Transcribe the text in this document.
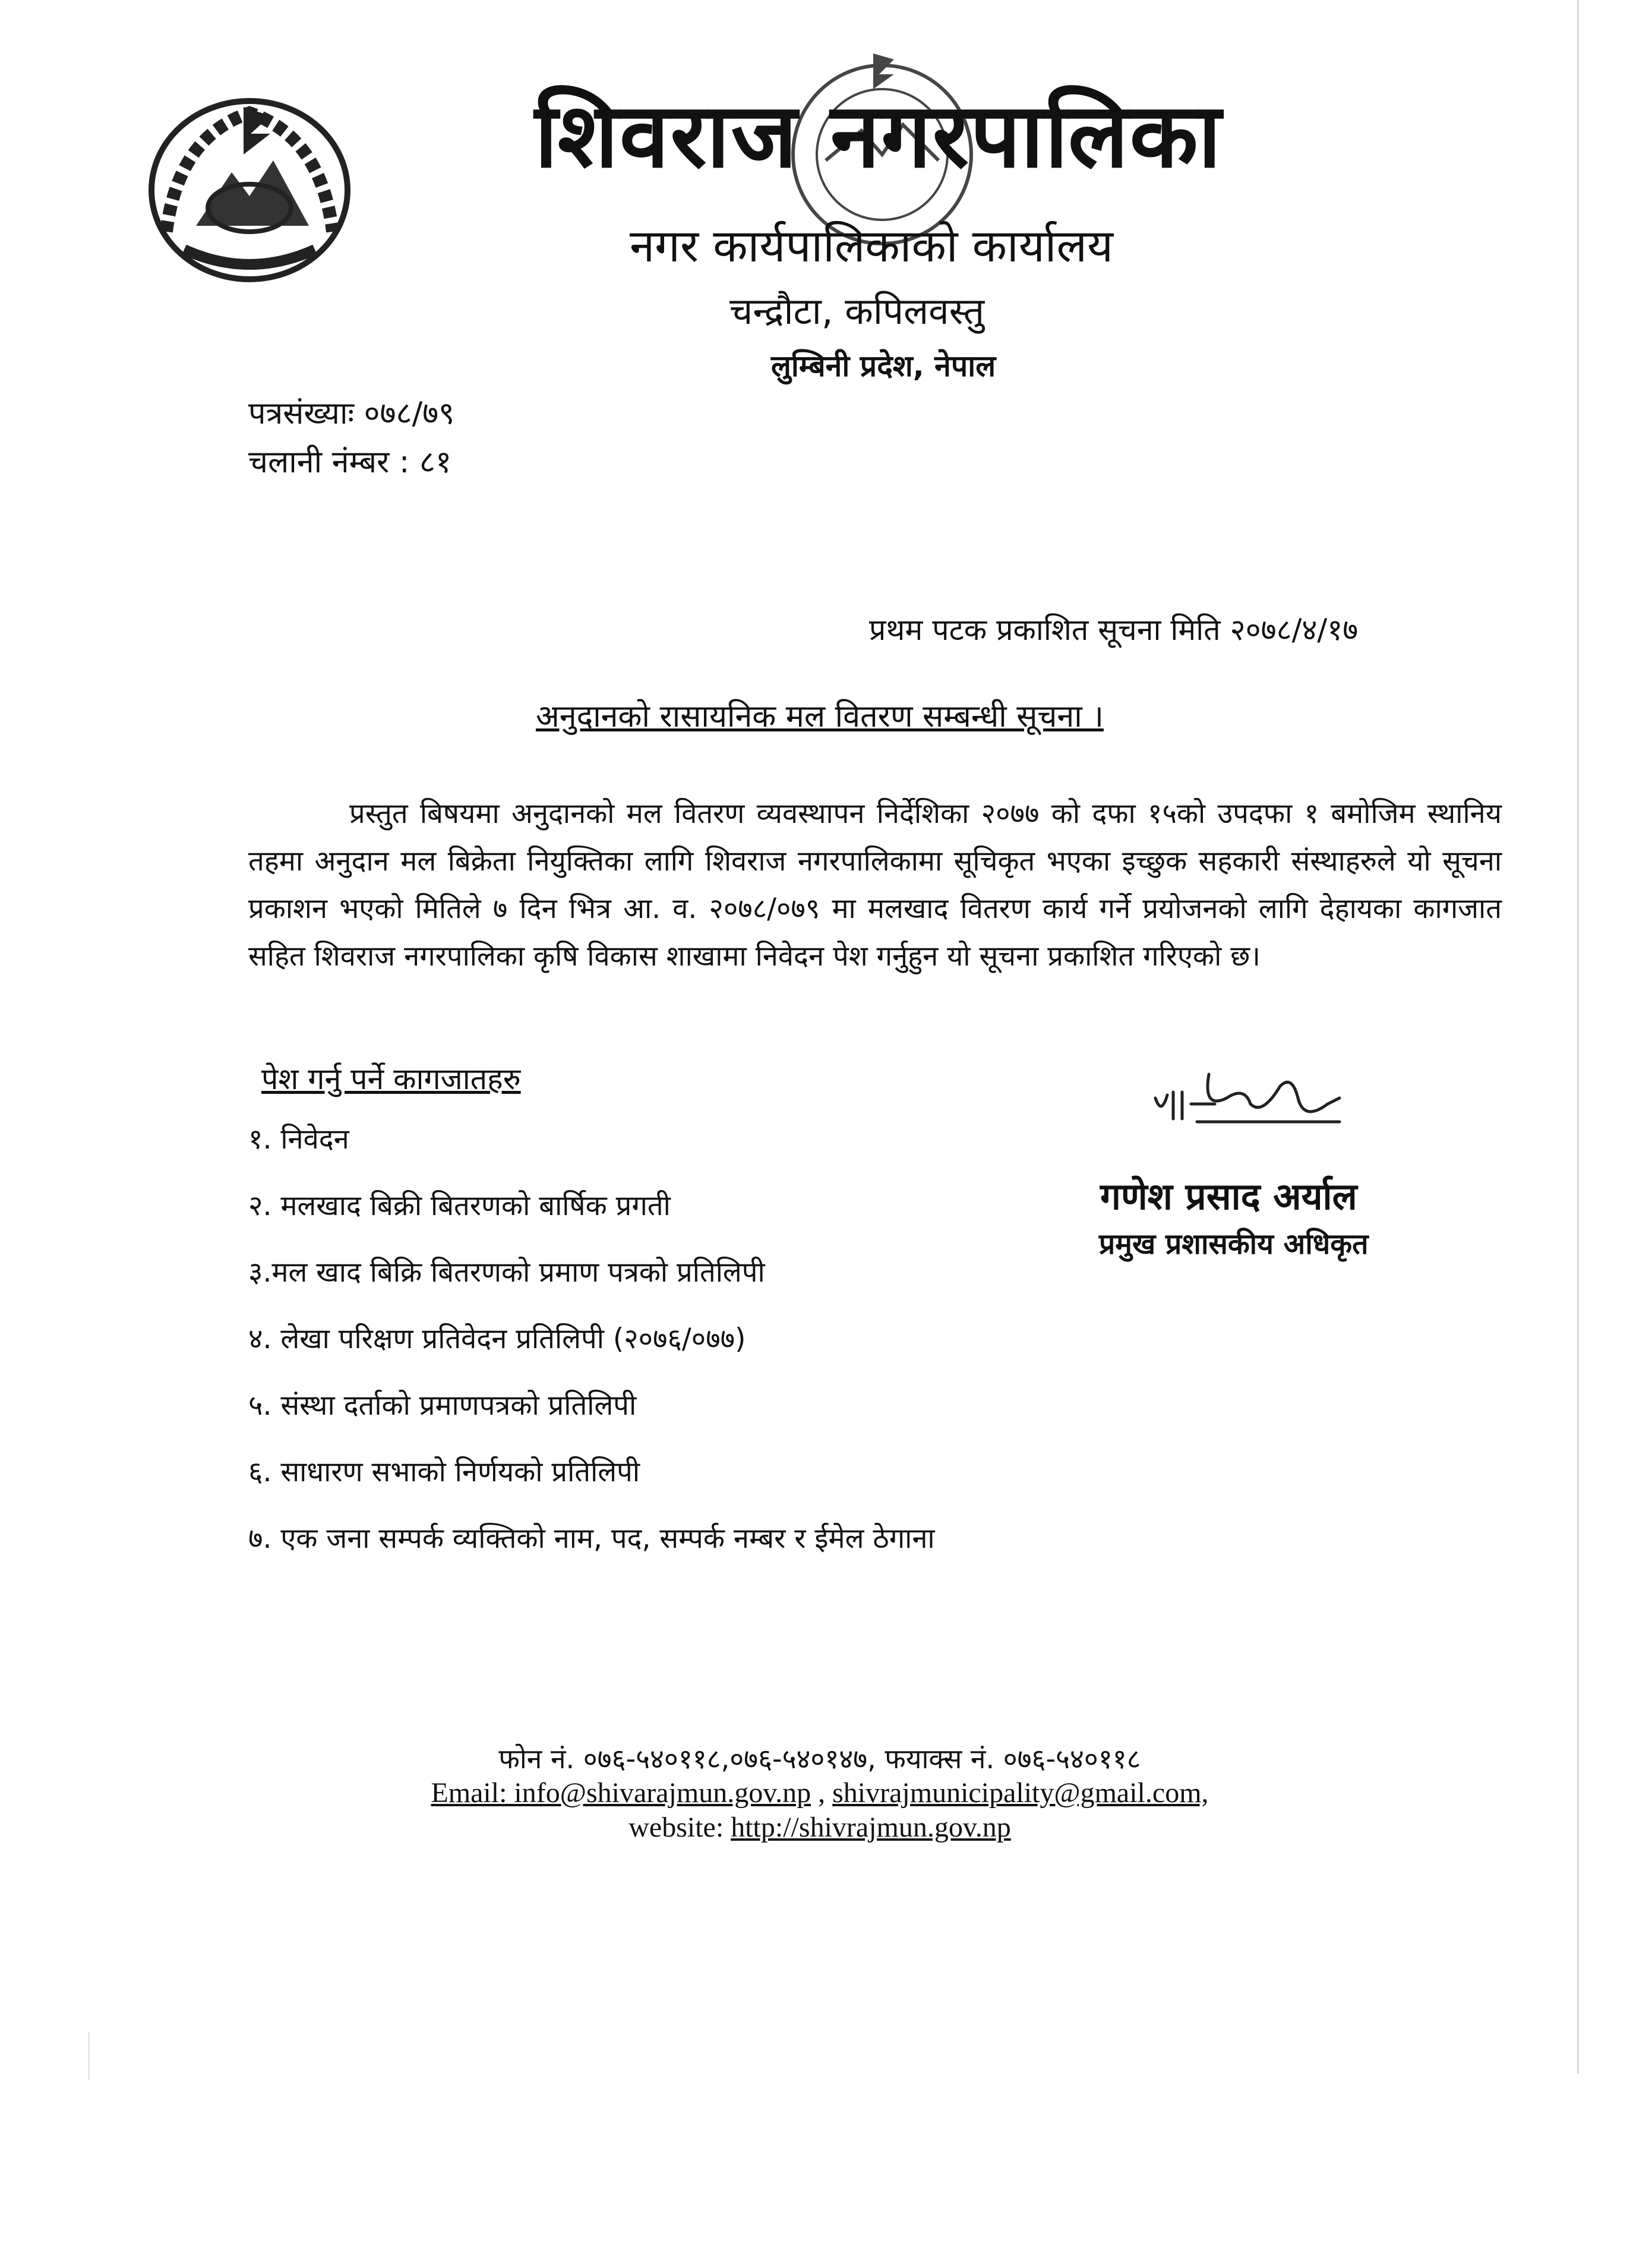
शिवराज नगरपालिका
नगर कार्यपालिकाको कार्यालय
चन्द्रौटा, कपिलवस्तु
लुम्बिनी प्रदेश, नेपाल
पत्रसंख्याः ०७८/७९
चलानी नंम्बर : ८१
प्रथम पटक प्रकाशित सूचना मिति २०७८/४/१७
अनुदानको रासायनिक मल वितरण सम्बन्धी सूचना ।
प्रस्तुत बिषयमा अनुदानको मल वितरण व्यवस्थापन निर्देशिका २०७७ को दफा १५को उपदफा १ बमोजिम स्थानिय तहमा अनुदान मल बिक्रेता नियुक्तिका लागि शिवराज नगरपालिकामा सूचिकृत भएका इच्छुक सहकारी संस्थाहरुले यो सूचना प्रकाशन भएको मितिले ७ दिन भित्र आ. व. २०७८/०७९ मा मलखाद वितरण कार्य गर्ने प्रयोजनको लागि देहायका कागजात सहित शिवराज नगरपालिका कृषि विकास शाखामा निवेदन पेश गर्नुहुन यो सूचना प्रकाशित गरिएको छ।
पेश गर्नु पर्ने कागजातहरु
१. निवेदन
२. मलखाद बिक्री बितरणको बार्षिक प्रगती
३.मल खाद बिक्रि बितरणको प्रमाण पत्रको प्रतिलिपी
४. लेखा परिक्षण प्रतिवेदन प्रतिलिपी (२०७६/०७७)
५. संस्था दर्ताको प्रमाणपत्रको प्रतिलिपी
६. साधारण सभाको निर्णयको प्रतिलिपी
७. एक जना सम्पर्क व्यक्तिको नाम, पद, सम्पर्क नम्बर र ईमेल ठेगाना
गणेश प्रसाद अर्याल
प्रमुख प्रशासकीय अधिकृत
फोन नं. ०७६-५४०११८,०७६-५४०१४७, फयाक्स नं. ०७६-५४०११८
Email: info@shivarajmun.gov.np , shivrajmunicipality@gmail.com,
website: http://shivrajmun.gov.np
